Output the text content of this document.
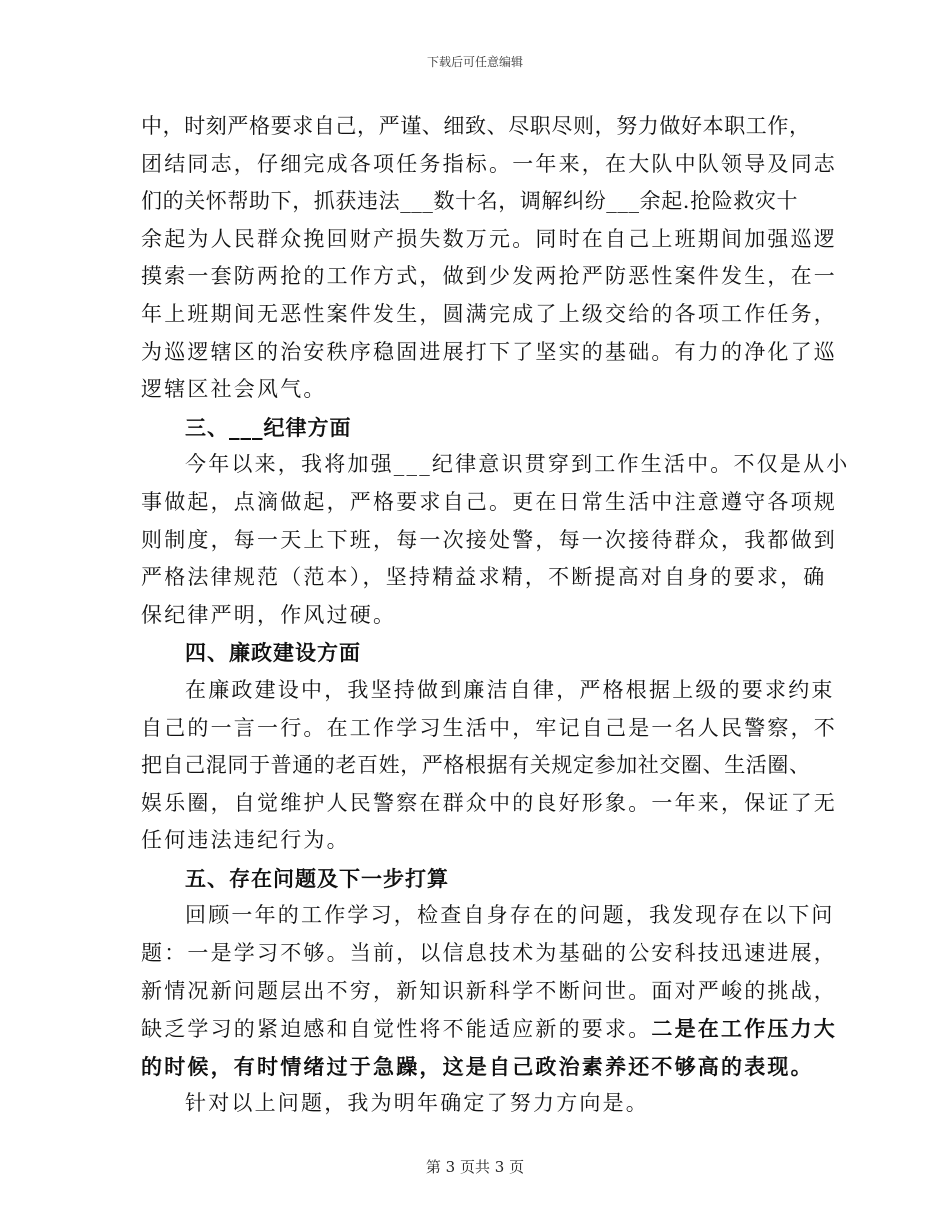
下载后可任意编辑
中，时刻严格要求自己，严谨、细致、尽职尽则，努力做好本职工作，
团结同志，仔细完成各项任务指标。一年来，在大队中队领导及同志
们的关怀帮助下，抓获违法___数十名，调解纠纷___余起.抢险救灾十
余起为人民群众挽回财产损失数万元。同时在自己上班期间加强巡逻
摸索一套防两抢的工作方式，做到少发两抢严防恶性案件发生，在一
年上班期间无恶性案件发生，圆满完成了上级交给的各项工作任务，
为巡逻辖区的治安秩序稳固进展打下了坚实的基础。有力的净化了巡
逻辖区社会风气。
三、___纪律方面
今年以来，我将加强___纪律意识贯穿到工作生活中。不仅是从小
事做起，点滴做起，严格要求自己。更在日常生活中注意遵守各项规
则制度，每一天上下班，每一次接处警，每一次接待群众，我都做到
严格法律规范（范本），坚持精益求精，不断提高对自身的要求，确
保纪律严明，作风过硬。
四、廉政建设方面
在廉政建设中，我坚持做到廉洁自律，严格根据上级的要求约束
自己的一言一行。在工作学习生活中，牢记自己是一名人民警察，不
把自己混同于普通的老百姓，严格根据有关规定参加社交圈、生活圈、
娱乐圈，自觉维护人民警察在群众中的良好形象。一年来，保证了无
任何违法违纪行为。
五、存在问题及下一步打算
回顾一年的工作学习，检查自身存在的问题，我发现存在以下问
题：一是学习不够。当前，以信息技术为基础的公安科技迅速进展，
新情况新问题层出不穷，新知识新科学不断问世。面对严峻的挑战，
缺乏学习的紧迫感和自觉性将不能适应新的要求。二是在工作压力大
的时候，有时情绪过于急躁，这是自己政治素养还不够高的表现。
针对以上问题，我为明年确定了努力方向是。
第 3 页共 3 页
